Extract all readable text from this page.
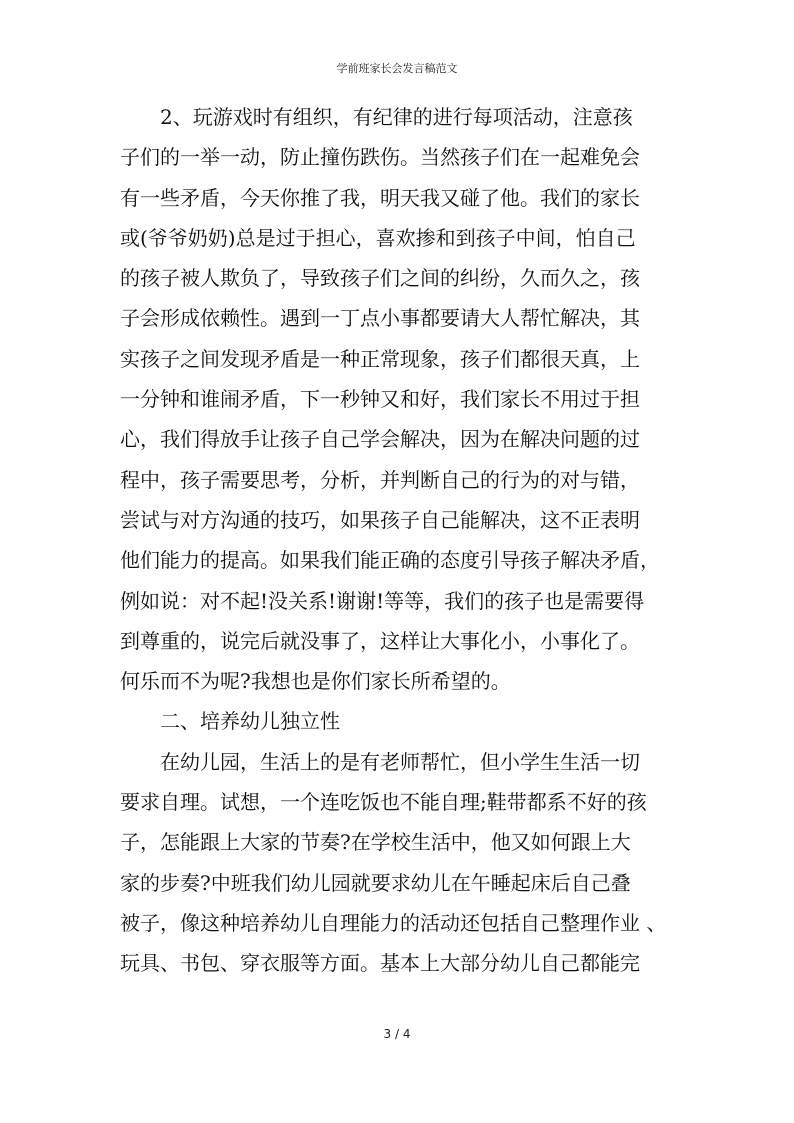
学前班家长会发言稿范文
2、玩游戏时有组织，有纪律的进行每项活动，注意孩
子们的一举一动，防止撞伤跌伤。当然孩子们在一起难免会
有一些矛盾，今天你推了我，明天我又碰了他。我们的家长
或(爷爷奶奶)总是过于担心，喜欢掺和到孩子中间，怕自己
的孩子被人欺负了，导致孩子们之间的纠纷，久而久之，孩
子会形成依赖性。遇到一丁点小事都要请大人帮忙解决，其
实孩子之间发现矛盾是一种正常现象，孩子们都很天真，上
一分钟和谁闹矛盾，下一秒钟又和好，我们家长不用过于担
心，我们得放手让孩子自己学会解决，因为在解决问题的过
程中，孩子需要思考，分析，并判断自己的行为的对与错，
尝试与对方沟通的技巧，如果孩子自己能解决，这不正表明
他们能力的提高。如果我们能正确的态度引导孩子解决矛盾，
例如说：对不起!没关系!谢谢!等等，我们的孩子也是需要得
到尊重的，说完后就没事了，这样让大事化小，小事化了。
何乐而不为呢?我想也是你们家长所希望的。
二、培养幼儿独立性
在幼儿园，生活上的是有老师帮忙，但小学生生活一切
要求自理。试想，一个连吃饭也不能自理;鞋带都系不好的孩
子，怎能跟上大家的节奏?在学校生活中，他又如何跟上大
家的步奏?中班我们幼儿园就要求幼儿在午睡起床后自己叠
被子，像这种培养幼儿自理能力的活动还包括自己整理作业 、
玩具、书包、穿衣服等方面。基本上大部分幼儿自己都能完
3 / 4
